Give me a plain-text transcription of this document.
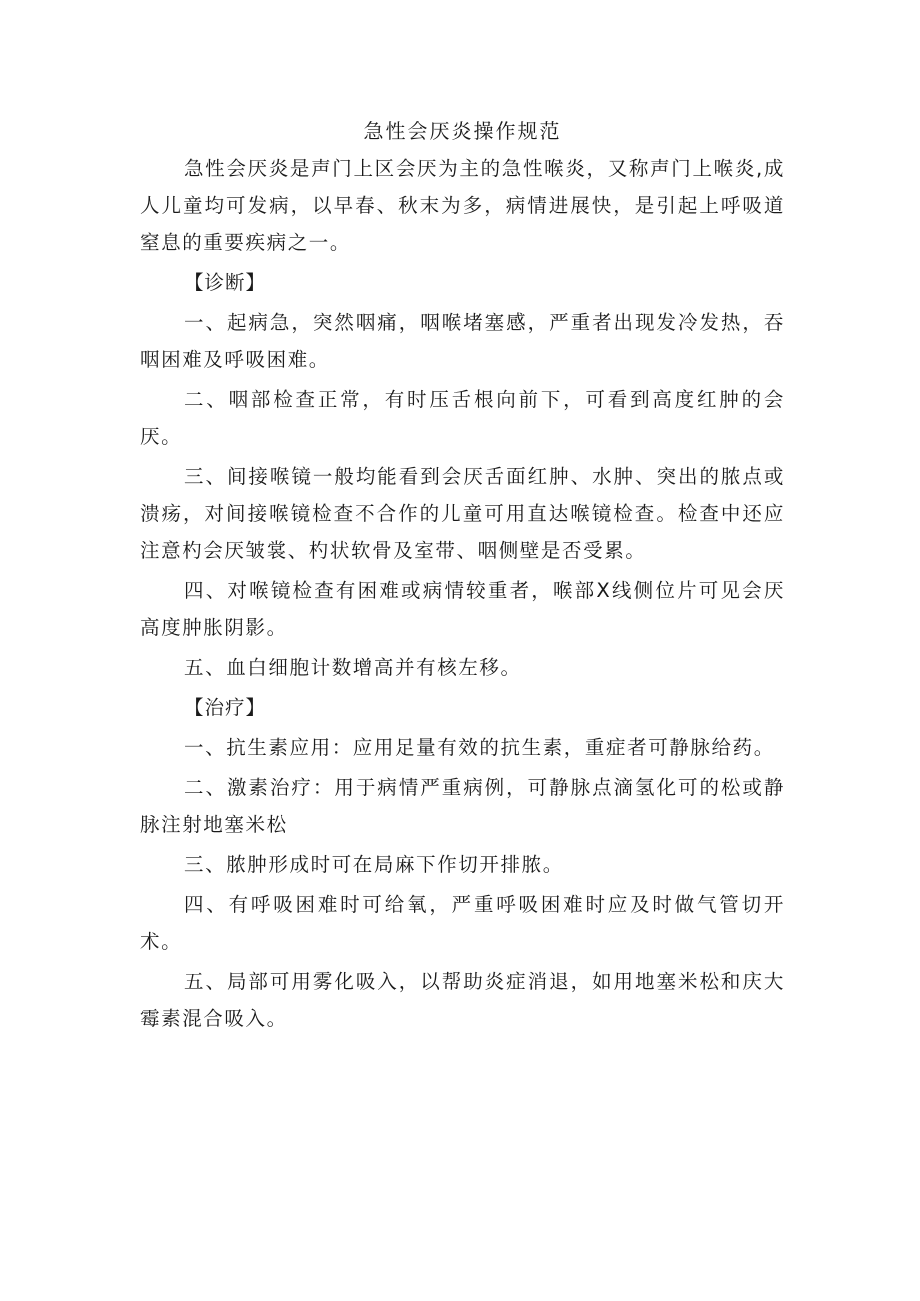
急性会厌炎操作规范

急性会厌炎是声门上区会厌为主的急性喉炎，又称声门上喉炎,成人儿童均可发病，以早春、秋末为多，病情进展快，是引起上呼吸道窒息的重要疾病之一。

【诊断】

一、起病急，突然咽痛，咽喉堵塞感，严重者出现发冷发热，吞咽困难及呼吸困难。

二、咽部检查正常，有时压舌根向前下，可看到高度红肿的会厌。

三、间接喉镜一般均能看到会厌舌面红肿、水肿、突出的脓点或溃疡，对间接喉镜检查不合作的儿童可用直达喉镜检查。检查中还应注意杓会厌皱裳、杓状软骨及室带、咽侧壁是否受累。

四、对喉镜检查有困难或病情较重者，喉部X线侧位片可见会厌高度肿胀阴影。

五、血白细胞计数增高并有核左移。

【治疗】

一、抗生素应用：应用足量有效的抗生素，重症者可静脉给药。

二、激素治疗：用于病情严重病例，可静脉点滴氢化可的松或静脉注射地塞米松

三、脓肿形成时可在局麻下作切开排脓。

四、有呼吸困难时可给氧，严重呼吸困难时应及时做气管切开术。

五、局部可用雾化吸入，以帮助炎症消退，如用地塞米松和庆大霉素混合吸入。
